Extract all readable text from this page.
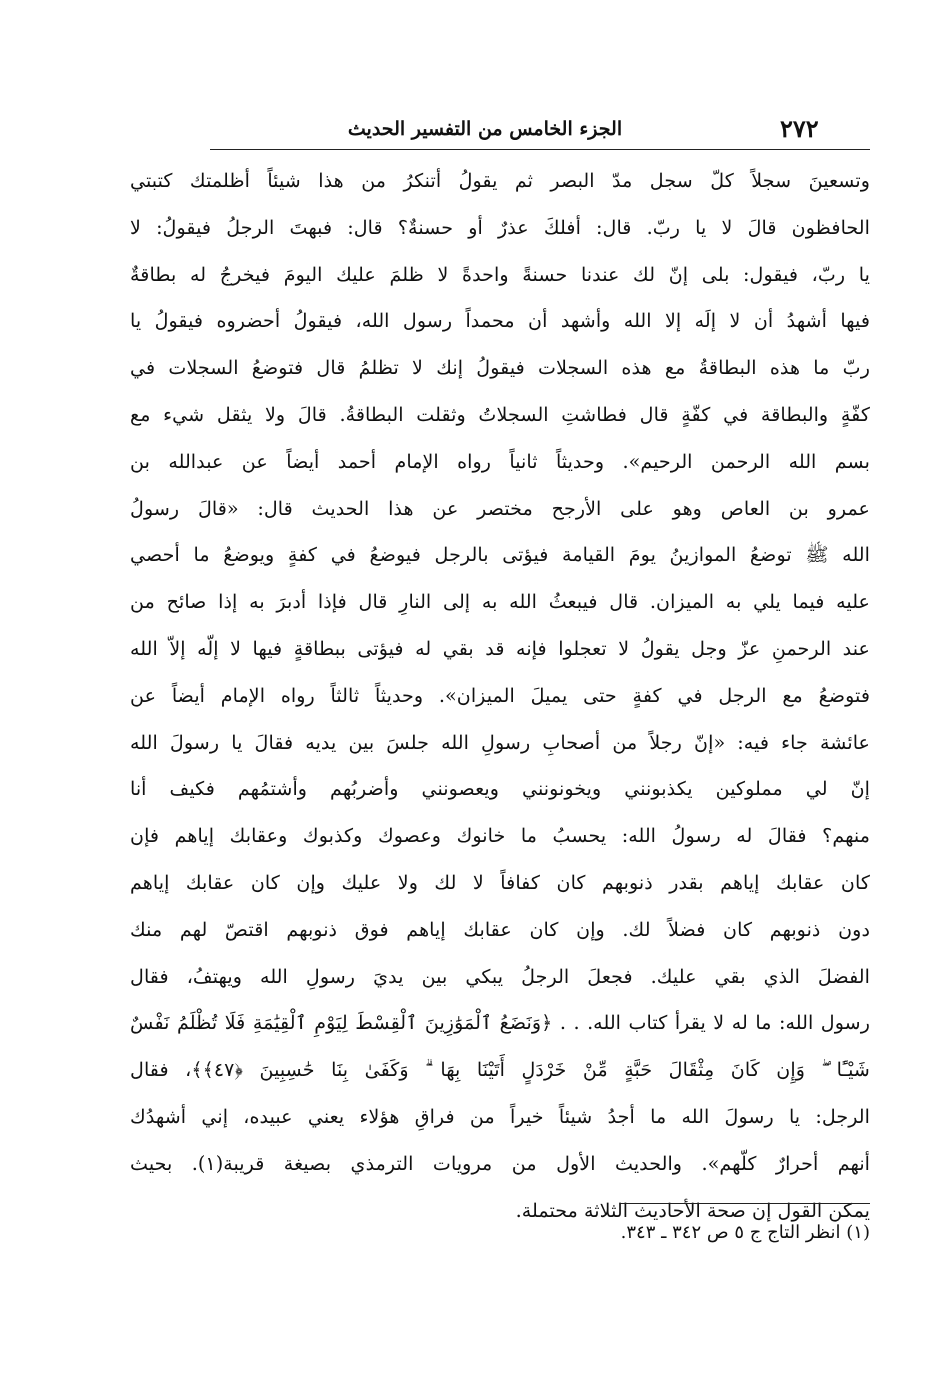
الجزء الخامس من التفسير الحديث	٢٧٢
وتسعينَ سجلاً كلّ سجل مدّ البصر ثم يقولُ أتنكرُ من هذا شيئاً أظلمتك كتبتي
الحافظون قالَ لا يا ربّ. قال: أفلكَ عذرٌ أو حسنةٌ؟ قال: فبهتَ الرجلُ فيقولُ: لا
يا ربّ، فيقول: بلى إنّ لك عندنا حسنةً واحدةً لا ظلمَ عليك اليومَ فيخرجُ له بطاقةٌ
فيها أشهدُ أن لا إلَه إلا الله وأشهد أن محمداً رسول الله، فيقولُ أحضروه فيقولُ يا
ربّ ما هذه البطاقةُ مع هذه السجلات فيقولُ إنك لا تظلمُ قال فتوضعُ السجلات في
كفّةٍ والبطاقة في كفّةٍ قال فطاشتِ السجلاتُ وثقلت البطاقةُ. قالَ ولا يثقل شيء مع
بسم الله الرحمن الرحيم». وحديثاً ثانياً رواه الإمام أحمد أيضاً عن عبدالله بن
عمرو بن العاص وهو على الأرجح مختصر عن هذا الحديث قال: «قالَ رسولُ
الله ﷺ توضعُ الموازينُ يومَ القيامة فيؤتى بالرجل فيوضعُ في كفةٍ ويوضعُ ما أحصي
عليه فيما يلي به الميزان. قال فيبعثُ الله به إلى النارِ قال فإذا أدبرَ به إذا صائح من
عند الرحمنِ عزّ وجل يقولُ لا تعجلوا فإنه قد بقي له فيؤتى ببطاقةٍ فيها لا إلّه إلاّ الله
فتوضعُ مع الرجل في كفةٍ حتى يميلَ الميزان». وحديثاً ثالثاً رواه الإمام أيضاً عن
عائشة جاء فيه: «إنّ رجلاً من أصحابِ رسولِ الله جلسَ بين يديه فقالَ يا رسولَ الله
إنّ لي مملوكين يكذبونني ويخونونني ويعصونني وأضربُهم وأشتمُهم فكيف أنا
منهم؟ فقالَ له رسولُ الله: يحسبُ ما خانوك وعصوك وكذبوك وعقابك إياهم فإن
كان عقابك إياهم بقدر ذنوبهم كان كفافاً لا لك ولا عليك وإن كان عقابك إياهم
دون ذنوبهم كان فضلاً لك. وإن كان عقابك إياهم فوق ذنوبهم اقتصّ لهم منك
الفضلَ الذي بقي عليك. فجعلَ الرجلُ يبكي بين يديَ رسولِ الله ويهتفُ، فقال
رسول الله: ما له لا يقرأ كتاب الله. . . ﴿وَنَضَعُ ٱلْمَوَٰزِينَ ٱلْقِسْطَ لِيَوْمِ ٱلْقِيَٰمَةِ فَلَا تُظْلَمُ نَفْسٌ
شَيْـًٔا ۖ وَإِن كَانَ مِثْقَالَ حَبَّةٍ مِّنْ خَرْدَلٍ أَتَيْنَا بِهَا ۗ وَكَفَىٰ بِنَا حَٰسِبِينَ ﴿٤٧﴾﴾، فقال
الرجل: يا رسولَ الله ما أجدُ شيئاً خيراً من فراقِ هؤلاء يعني عبيده، إني أشهدُك
أنهم أحرارٌ كلّهم». والحديث الأول من مرويات الترمذي بصيغة قريبة(١). بحيث
يمكن القول إن صحة الأحاديث الثلاثة محتملة.
(١) انظر التاج ج ٥ ص ٣٤٢ ـ ٣٤٣.
